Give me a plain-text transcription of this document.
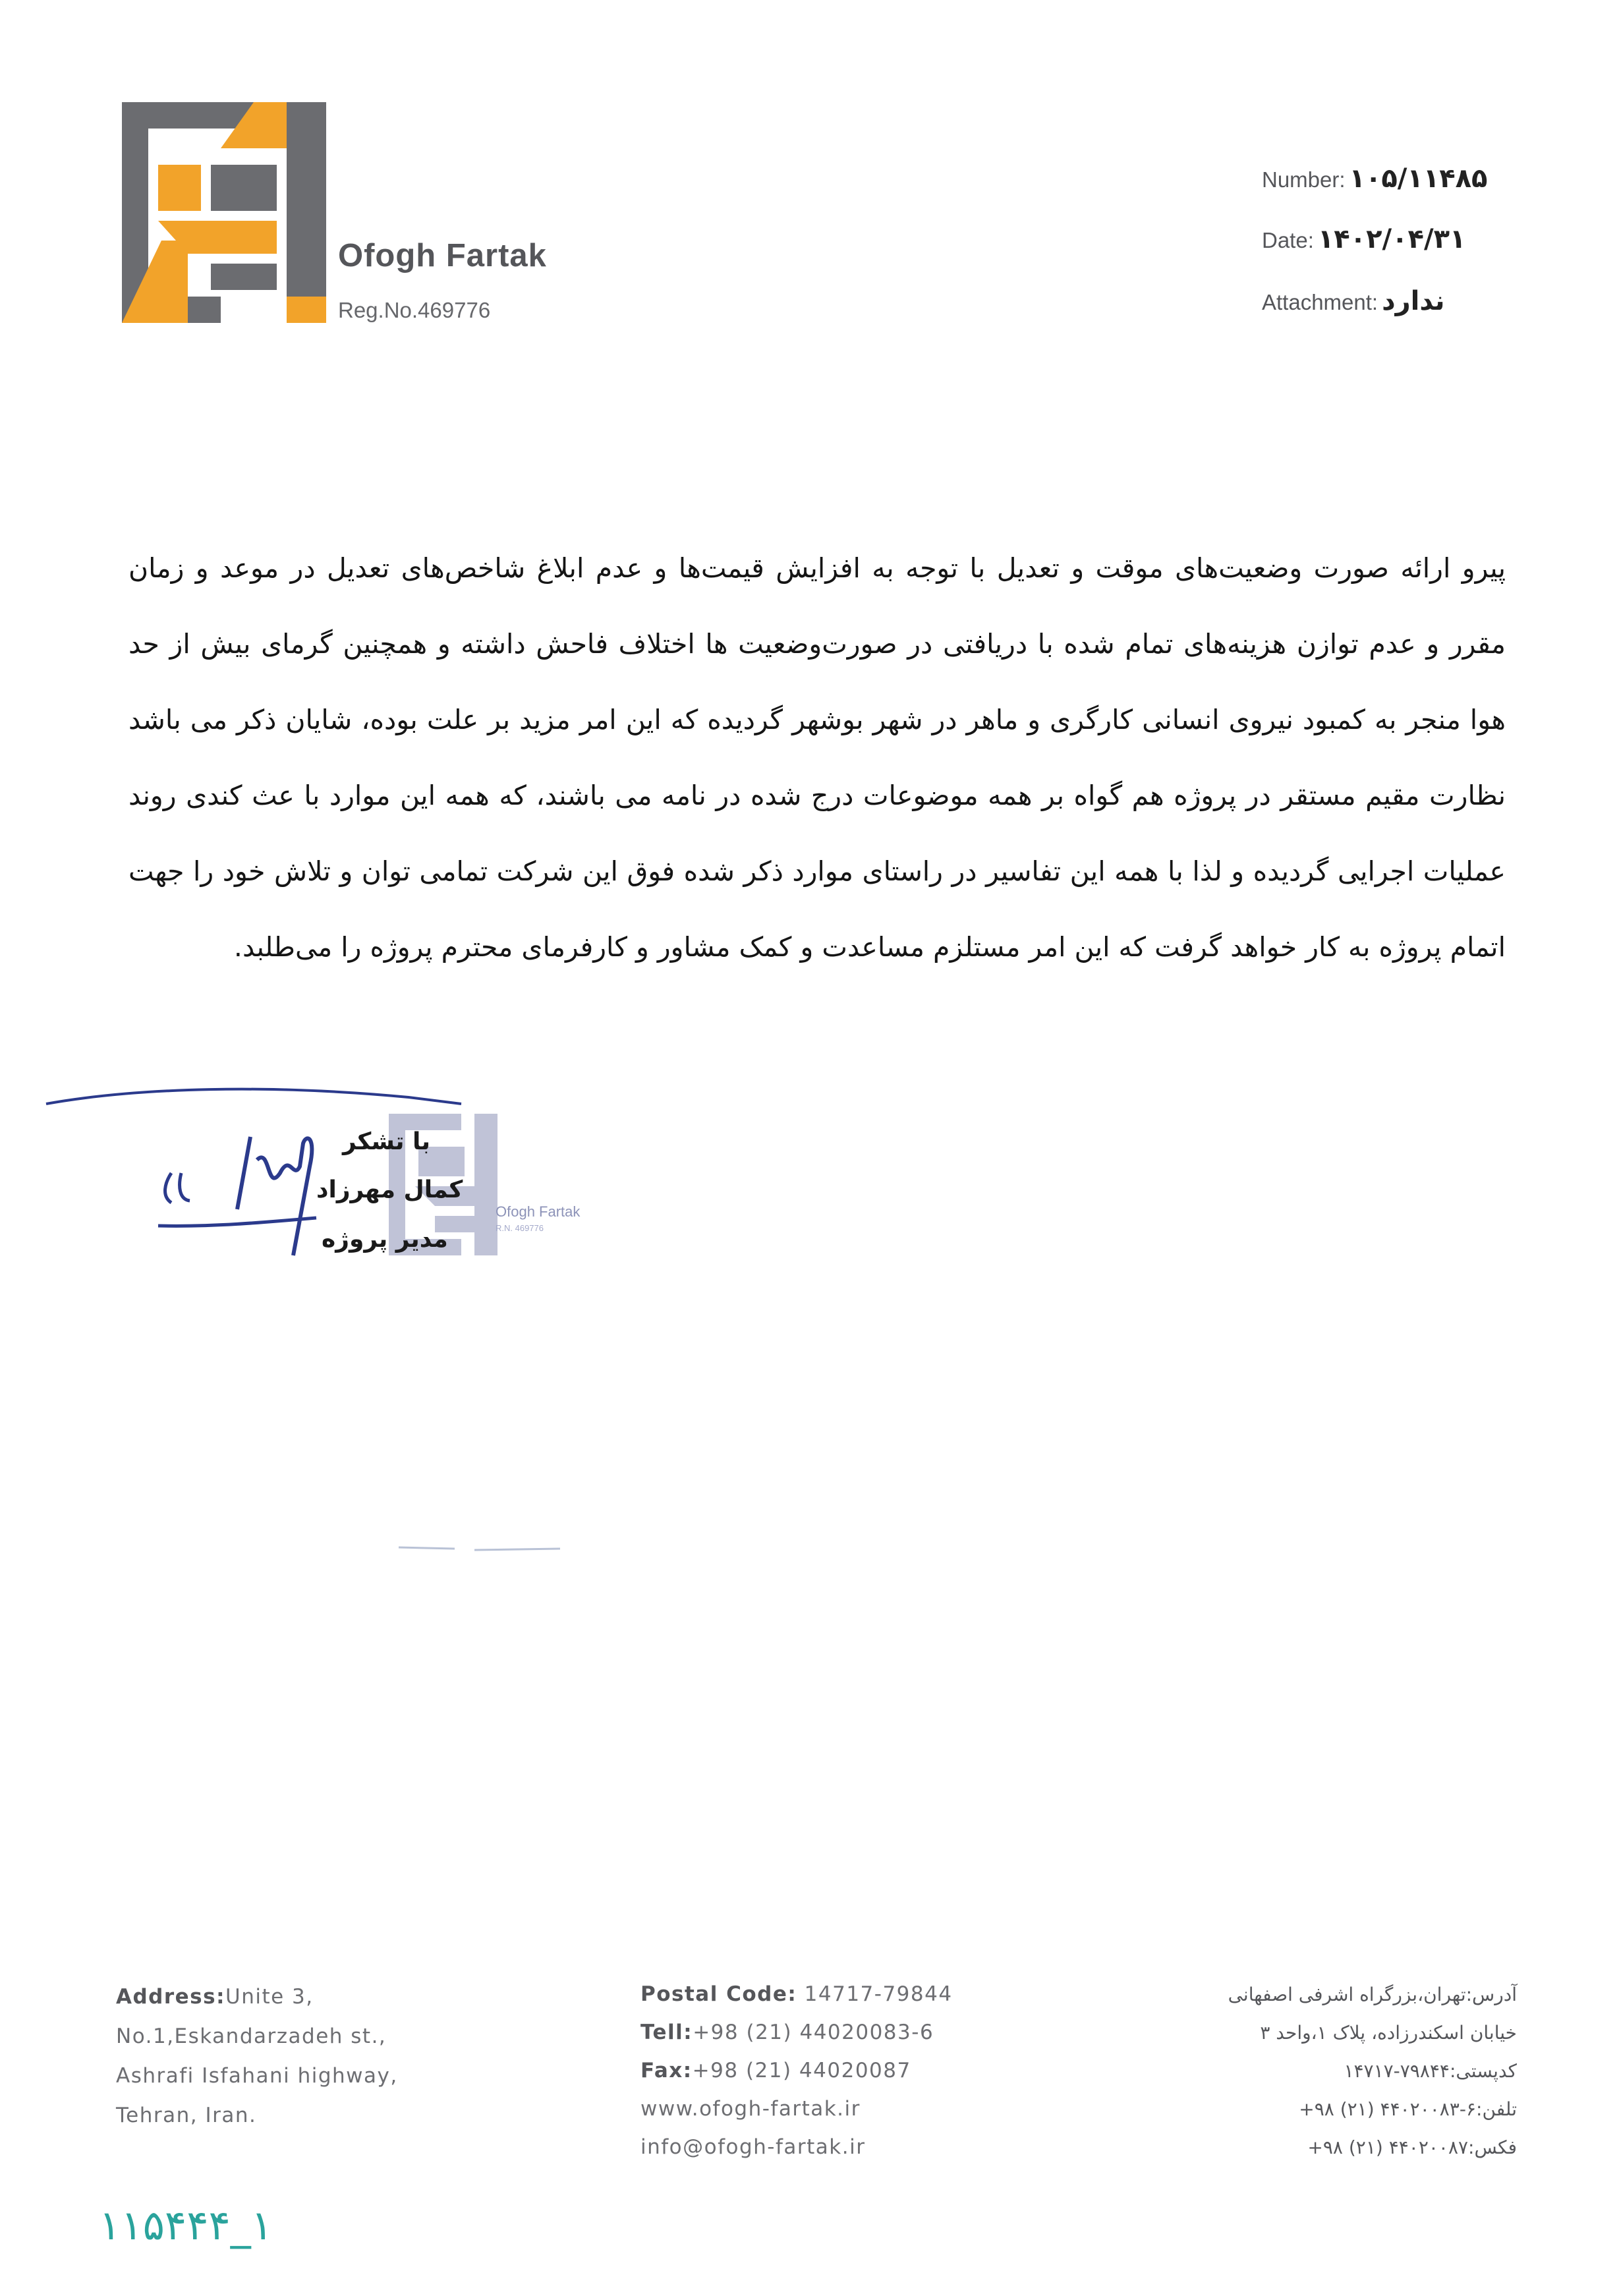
Ofogh Fartak
Reg.No.469776
Number: ۱۰۵/۱۱۴۸۵
Date: ۱۴۰۲/۰۴/۳۱
Attachment: ندارد
پیرو ارائه صورت وضعیت‌های موقت و تعدیل با توجه به افزایش قیمت‌ها و عدم ابلاغ شاخص‌های تعدیل در موعد و زمان مقرر و عدم توازن هزینه‌های تمام شده با دریافتی در صورت‌وضعیت ها اختلاف فاحش داشته و همچنین گرمای بیش از حد هوا منجر به کمبود نیروی انسانی کارگری و ماهر در شهر بوشهر گردیده که این امر مزید بر علت بوده، شایان ذکر می باشد نظارت مقیم مستقر در پروژه هم گواه بر همه موضوعات درج شده در نامه می باشند، که همه این موارد با عث کندی روند عملیات اجرایی گردیده و لذا با همه این تفاسیر در راستای موارد ذکر شده فوق این شرکت تمامی توان و تلاش خود را جهت اتمام پروژه به کار خواهد گرفت که این امر مستلزم مساعدت و کمک مشاور و کارفرمای محترم پروژه را می‌طلبد.
با تشکر
کمال مهرزاد
مدیر پروژه
Ofogh Fartak
R.N. 469776
Address:Unite 3,
No.1,Eskandarzadeh st.,
Ashrafi Isfahani highway,
Tehran, Iran.
Postal Code: 14717-79844
Tell:+98 (21) 44020083-6
Fax:+98 (21) 44020087
www.ofogh-fartak.ir
info@ofogh-fartak.ir
آدرس:تهران،بزرگراه اشرفی اصفهانی
خیابان اسکندرزاده، پلاک ۱،واحد ۳
کدپستی:۷۹۸۴۴-۱۴۷۱۷
تلفن:۶-۴۴۰۲۰۰۸۳ (۲۱) ۹۸+
فکس:۴۴۰۲۰۰۸۷ (۲۱) ۹۸+
۱۱۵۴۴۴_۱
